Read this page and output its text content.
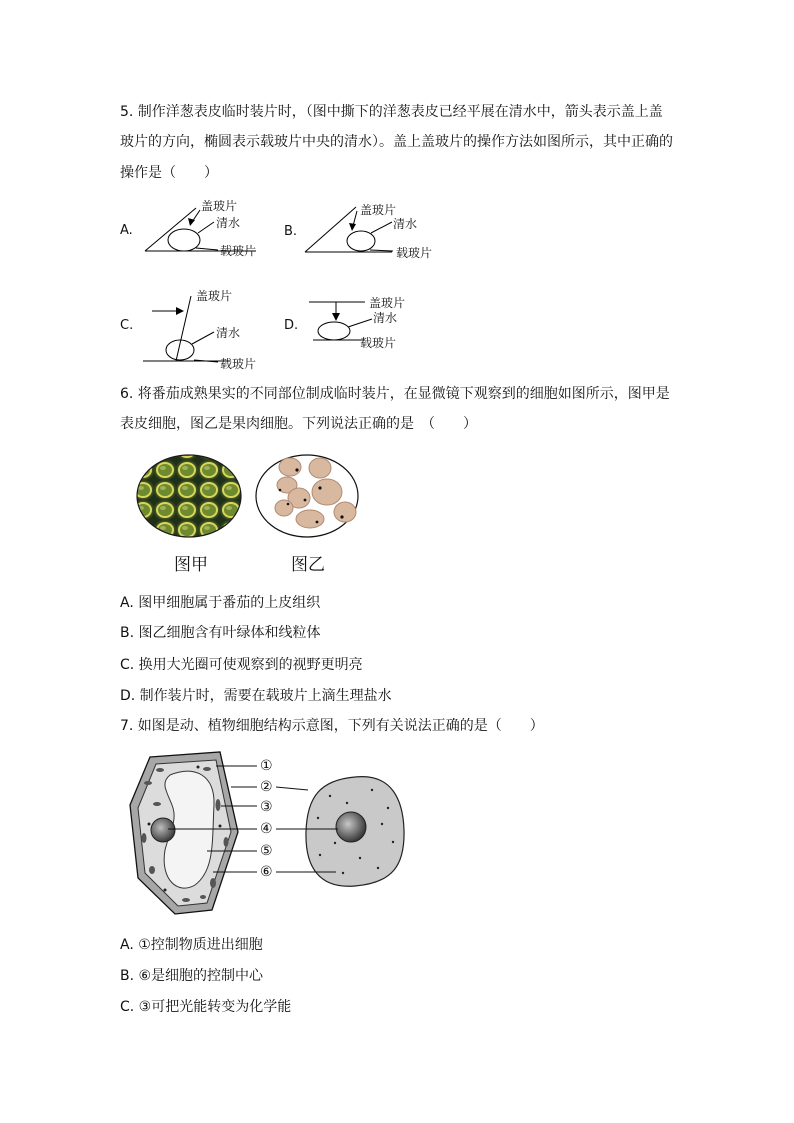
5. 制作洋葱表皮临时装片时，（图中撕下的洋葱表皮已经平展在清水中，箭头表示盖上盖
玻片的方向，椭圆表示载玻片中央的清水）。盖上盖玻片的操作方法如图所示，其中正确的
操作是（　　）
A.
盖玻片
清水
载玻片
B.
盖玻片
清水
载玻片
C.
盖玻片
清水
载玻片
D.
盖玻片
清水
载玻片
6. 将番茄成熟果实的不同部位制成临时装片，在显微镜下观察到的细胞如图所示，图甲是
表皮细胞，图乙是果肉细胞。下列说法正确的是　（　　）
图甲	图乙
A. 图甲细胞属于番茄的上皮组织
B. 图乙细胞含有叶绿体和线粒体
C. 换用大光圈可使观察到的视野更明亮
D. 制作装片时，需要在载玻片上滴生理盐水
7. 如图是动、植物细胞结构示意图，下列有关说法正确的是（　　）
①
②
③
④
⑤
⑥
A. ①控制物质进出细胞
B. ⑥是细胞的控制中心
C. ③可把光能转变为化学能
